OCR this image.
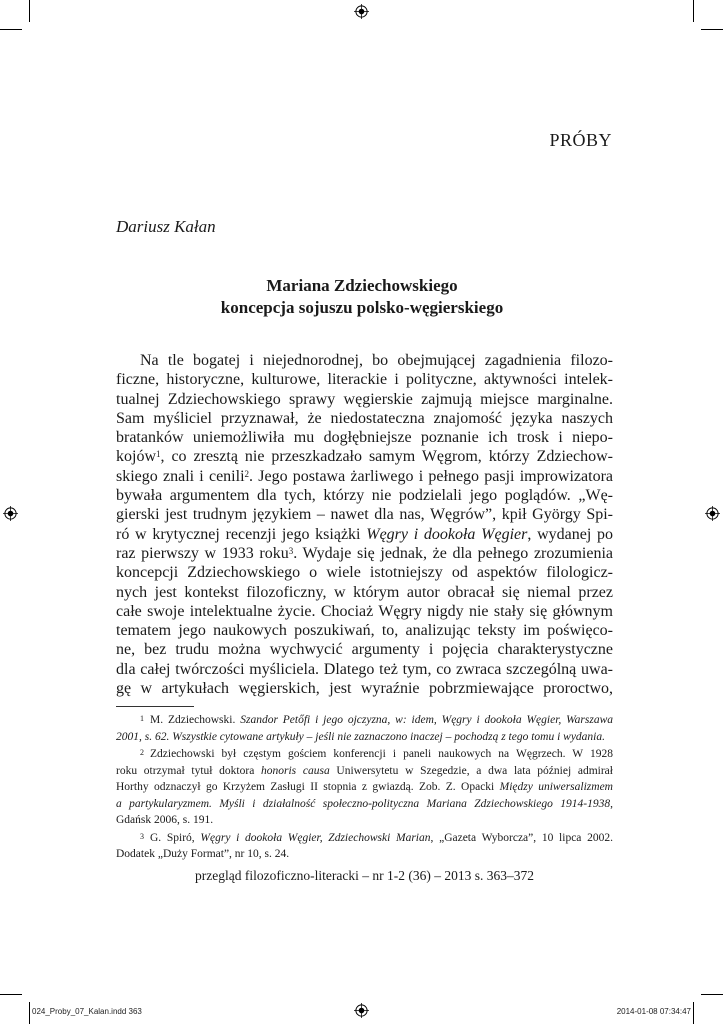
PRÓBY

Dariusz Kałan

Mariana Zdziechowskiego
koncepcja sojuszu polsko-węgierskiego
Na tle bogatej i niejednorodnej, bo obejmującej zagadnienia filozo-
ficzne, historyczne, kulturowe, literackie i polityczne, aktywności intelek-
tualnej Zdziechowskiego sprawy węgierskie zajmują miejsce marginalne.
Sam myśliciel przyznawał, że niedostateczna znajomość języka naszych
bratanków uniemożliwiła mu dogłębniejsze poznanie ich trosk i niepo-
kojów$^1$, co zresztą nie przeszkadzało samym Węgrom, którzy Zdziechow-
skiego znali i cenili$^2$. Jego postawa żarliwego i pełnego pasji improwizatora
bywała argumentem dla tych, którzy nie podzielali jego poglądów. „Wę-
gierski jest trudnym językiem – nawet dla nas, Węgrów”, kpił György Spi-
ró w krytycznej recenzji jego książki Węgry i dookoła Węgier, wydanej po
raz pierwszy w 1933 roku$^3$. Wydaje się jednak, że dla pełnego zrozumienia
koncepcji Zdziechowskiego o wiele istotniejszy od aspektów filologicz-
nych jest kontekst filozoficzny, w którym autor obracał się niemal przez
całe swoje intelektualne życie. Chociaż Węgry nigdy nie stały się głównym
tematem jego naukowych poszukiwań, to, analizując teksty im poświęco-
ne, bez trudu można wychwycić argumenty i pojęcia charakterystyczne
dla całej twórczości myśliciela. Dlatego też tym, co zwraca szczególną uwa-
gę w artykułach węgierskich, jest wyraźnie pobrzmiewające proroctwo,
$^1$ M. Zdziechowski. Szandor Petőfi i jego ojczyzna, w: idem, Węgry i dookoła Węgier, Warszawa
2001, s. 62. Wszystkie cytowane artykuły – jeśli nie zaznaczono inaczej – pochodzą z tego tomu i wydania.
$^2$ Zdziechowski był częstym gościem konferencji i paneli naukowych na Węgrzech. W 1928
roku otrzymał tytuł doktora honoris causa Uniwersytetu w Szegedzie, a dwa lata później admirał
Horthy odznaczył go Krzyżem Zasługi II stopnia z gwiazdą. Zob. Z. Opacki Między uniwersalizmem
a partykularyzmem. Myśli i działalność społeczno-polityczna Mariana Zdziechowskiego 1914-1938,
Gdańsk 2006, s. 191.
$^3$ G. Spiró, Węgry i dookoła Węgier, Zdziechowski Marian, „Gazeta Wyborcza”, 10 lipca 2002.
Dodatek „Duży Format”, nr 10, s. 24.

przegląd filozoficzno-literacki – nr 1-2 (36) – 2013 s. 363–372

024_Proby_07_Kalan.indd 363	2014-01-08 07:34:47
